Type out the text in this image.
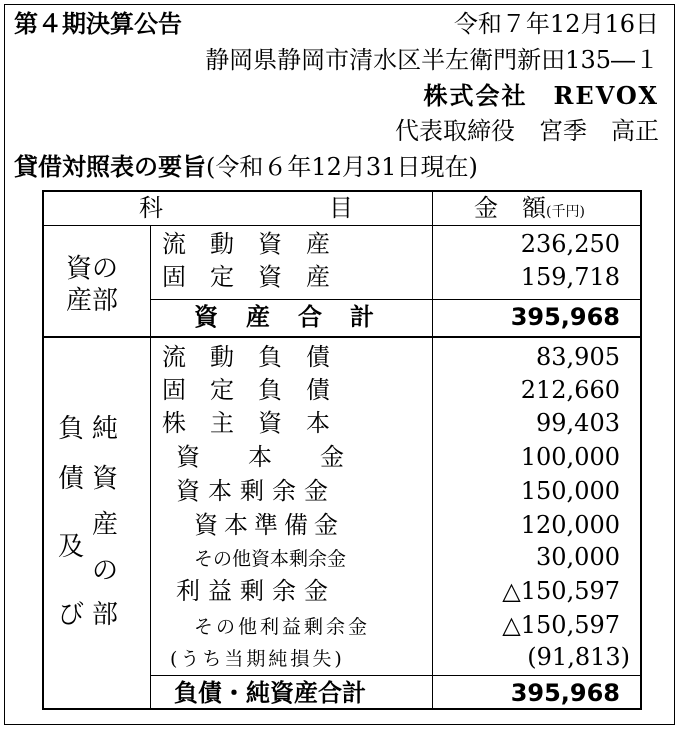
第４期決算公告	令和７年12月16日
静岡県静岡市清水区半左衛門新田135―１
株式会社　REVOX
代表取締役　宮季　高正
貸借対照表の要旨(令和６年12月31日現在)
科	目	金　額(千円)
資の
産部
流　動　資　産	236,250
固　定　資　産	159,718
資　産　合　計	395,968
負
債
及
び
純
資
産
の
部
流　動　負　債	83,905
固　定　負　債	212,660
株　主　資　本	99,403
資　　本　　金	100,000
資本剰余金	150,000
資本準備金	120,000
その他資本剰余金	30,000
利益剰余金	△150,597
その他利益剰余金	△150,597
(うち当期純損失)	(91,813)
負債・純資産合計	395,968
